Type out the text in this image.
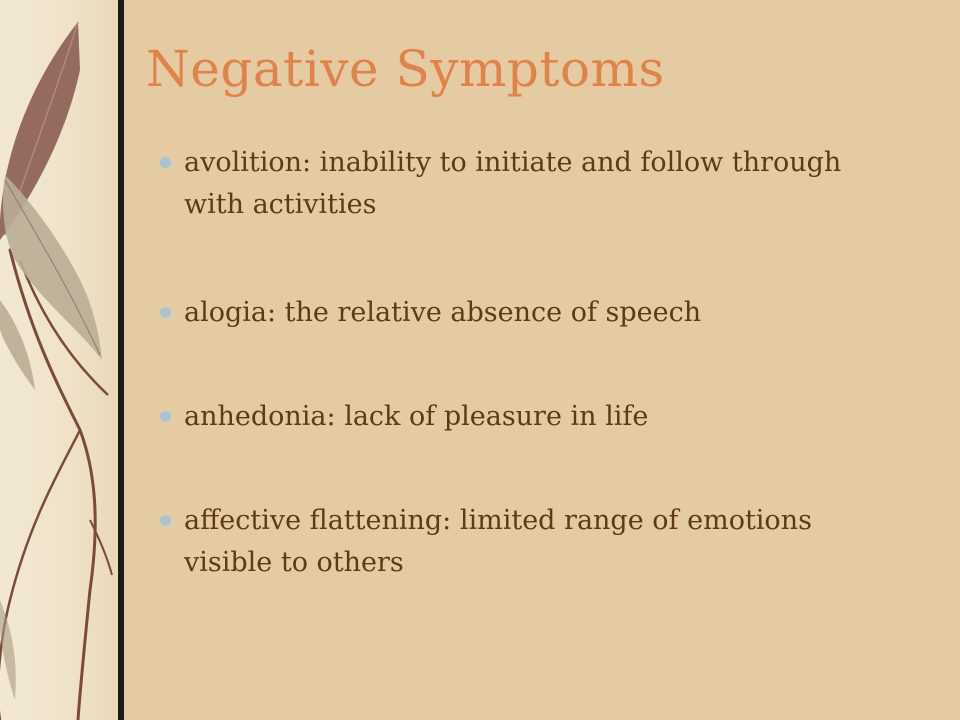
Negative Symptoms
avolition: inability to initiate and follow through with activities
alogia: the relative absence of speech
anhedonia: lack of pleasure in life
affective flattening: limited range of emotions visible to others
